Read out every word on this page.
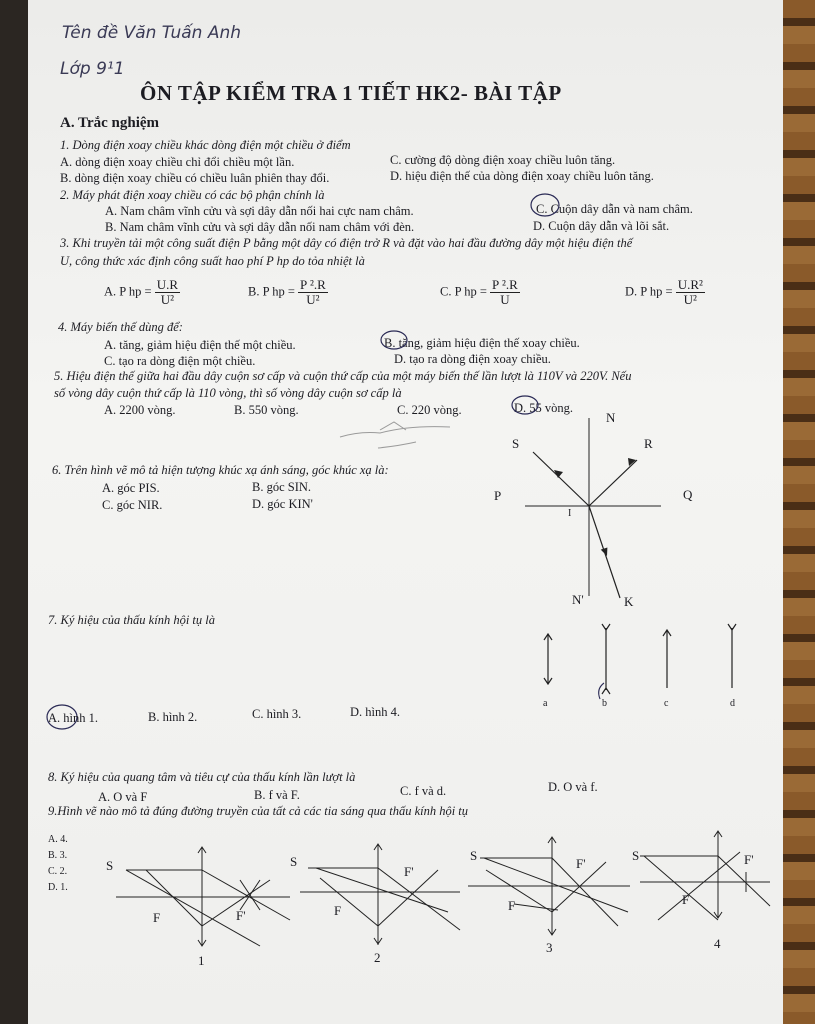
Tên đề Văn Tuấn Anh
Lớp 9¹1
ÔN TẬP KIỂM TRA 1 TIẾT HK2- BÀI TẬP
A. Trắc nghiệm
1. Dòng điện xoay chiều khác dòng điện một chiều ở điểm
A. dòng điện xoay chiều chỉ đổi chiều một lần.	C. cường độ dòng điện xoay chiều luôn tăng.
B. dòng điện xoay chiều có chiều luân phiên thay đổi.	D. hiệu điện thế của dòng điện xoay chiều luôn tăng.
2. Máy phát điện xoay chiều có các bộ phận chính là
A. Nam châm vĩnh cửu và sợi dây dẫn nối hai cực nam châm.	C. Cuộn dây dẫn và nam châm.
B. Nam châm vĩnh cửu và sợi dây dẫn nối nam châm với đèn.	D. Cuộn dây dẫn và lõi sắt.
3. Khi truyền tải một công suất điện P bằng một dây có điện trở R và đặt vào hai đầu đường dây một hiệu điện thế
U, công thức xác định công suất hao phí P hp do tỏa nhiệt là
A. P hp = $\frac{U.R}{\text{U²}}$	B. P hp = $\frac{\text{P ².R}}{\text{U²}}$	C. P hp = $\frac{\text{P ².R}}{U}$	D. P hp = $\frac{\text{U.R²}}{\text{U²}}$
4. Máy biến thế dùng để:
A. tăng, giảm hiệu điện thế một chiều.	B. tăng, giảm hiệu điện thế xoay chiều.
C. tạo ra dòng điện một chiều.	D. tạo ra dòng điện xoay chiều.
5. Hiệu điện thế giữa hai đầu dây cuộn sơ cấp và cuộn thứ cấp của một máy biến thế lần lượt là 110V và 220V. Nếu
số vòng dây cuộn thứ cấp là 110 vòng, thì số vòng dây cuộn sơ cấp là
A. 2200 vòng.	B. 550 vòng.	C. 220 vòng.	D. 55 vòng.
6. Trên hình vẽ mô tả hiện tượng khúc xạ ánh sáng, góc khúc xạ là:
A. góc PIS.	B. góc SIN.
C. góc NIR.	D. góc KIN'
N
S	R
P	Q
I
N'	K
7. Ký hiệu của thấu kính hội tụ là
a	b	c	d
A. hình 1.	B. hình 2.	C. hình 3.	D. hình 4.
8. Ký hiệu của quang tâm và tiêu cự của thấu kính lần lượt là
A. O và F	B. f và F.	C. f và d.	D. O và f.
9.Hình vẽ nào mô tả đúng đường truyền của tất cả các tia sáng qua thấu kính hội tụ
A. 4.
B. 3.
C. 2.
D. 1.
S
F	F'
1
S
F'
F
2
S
F'
F
3
S	F'
F
4
